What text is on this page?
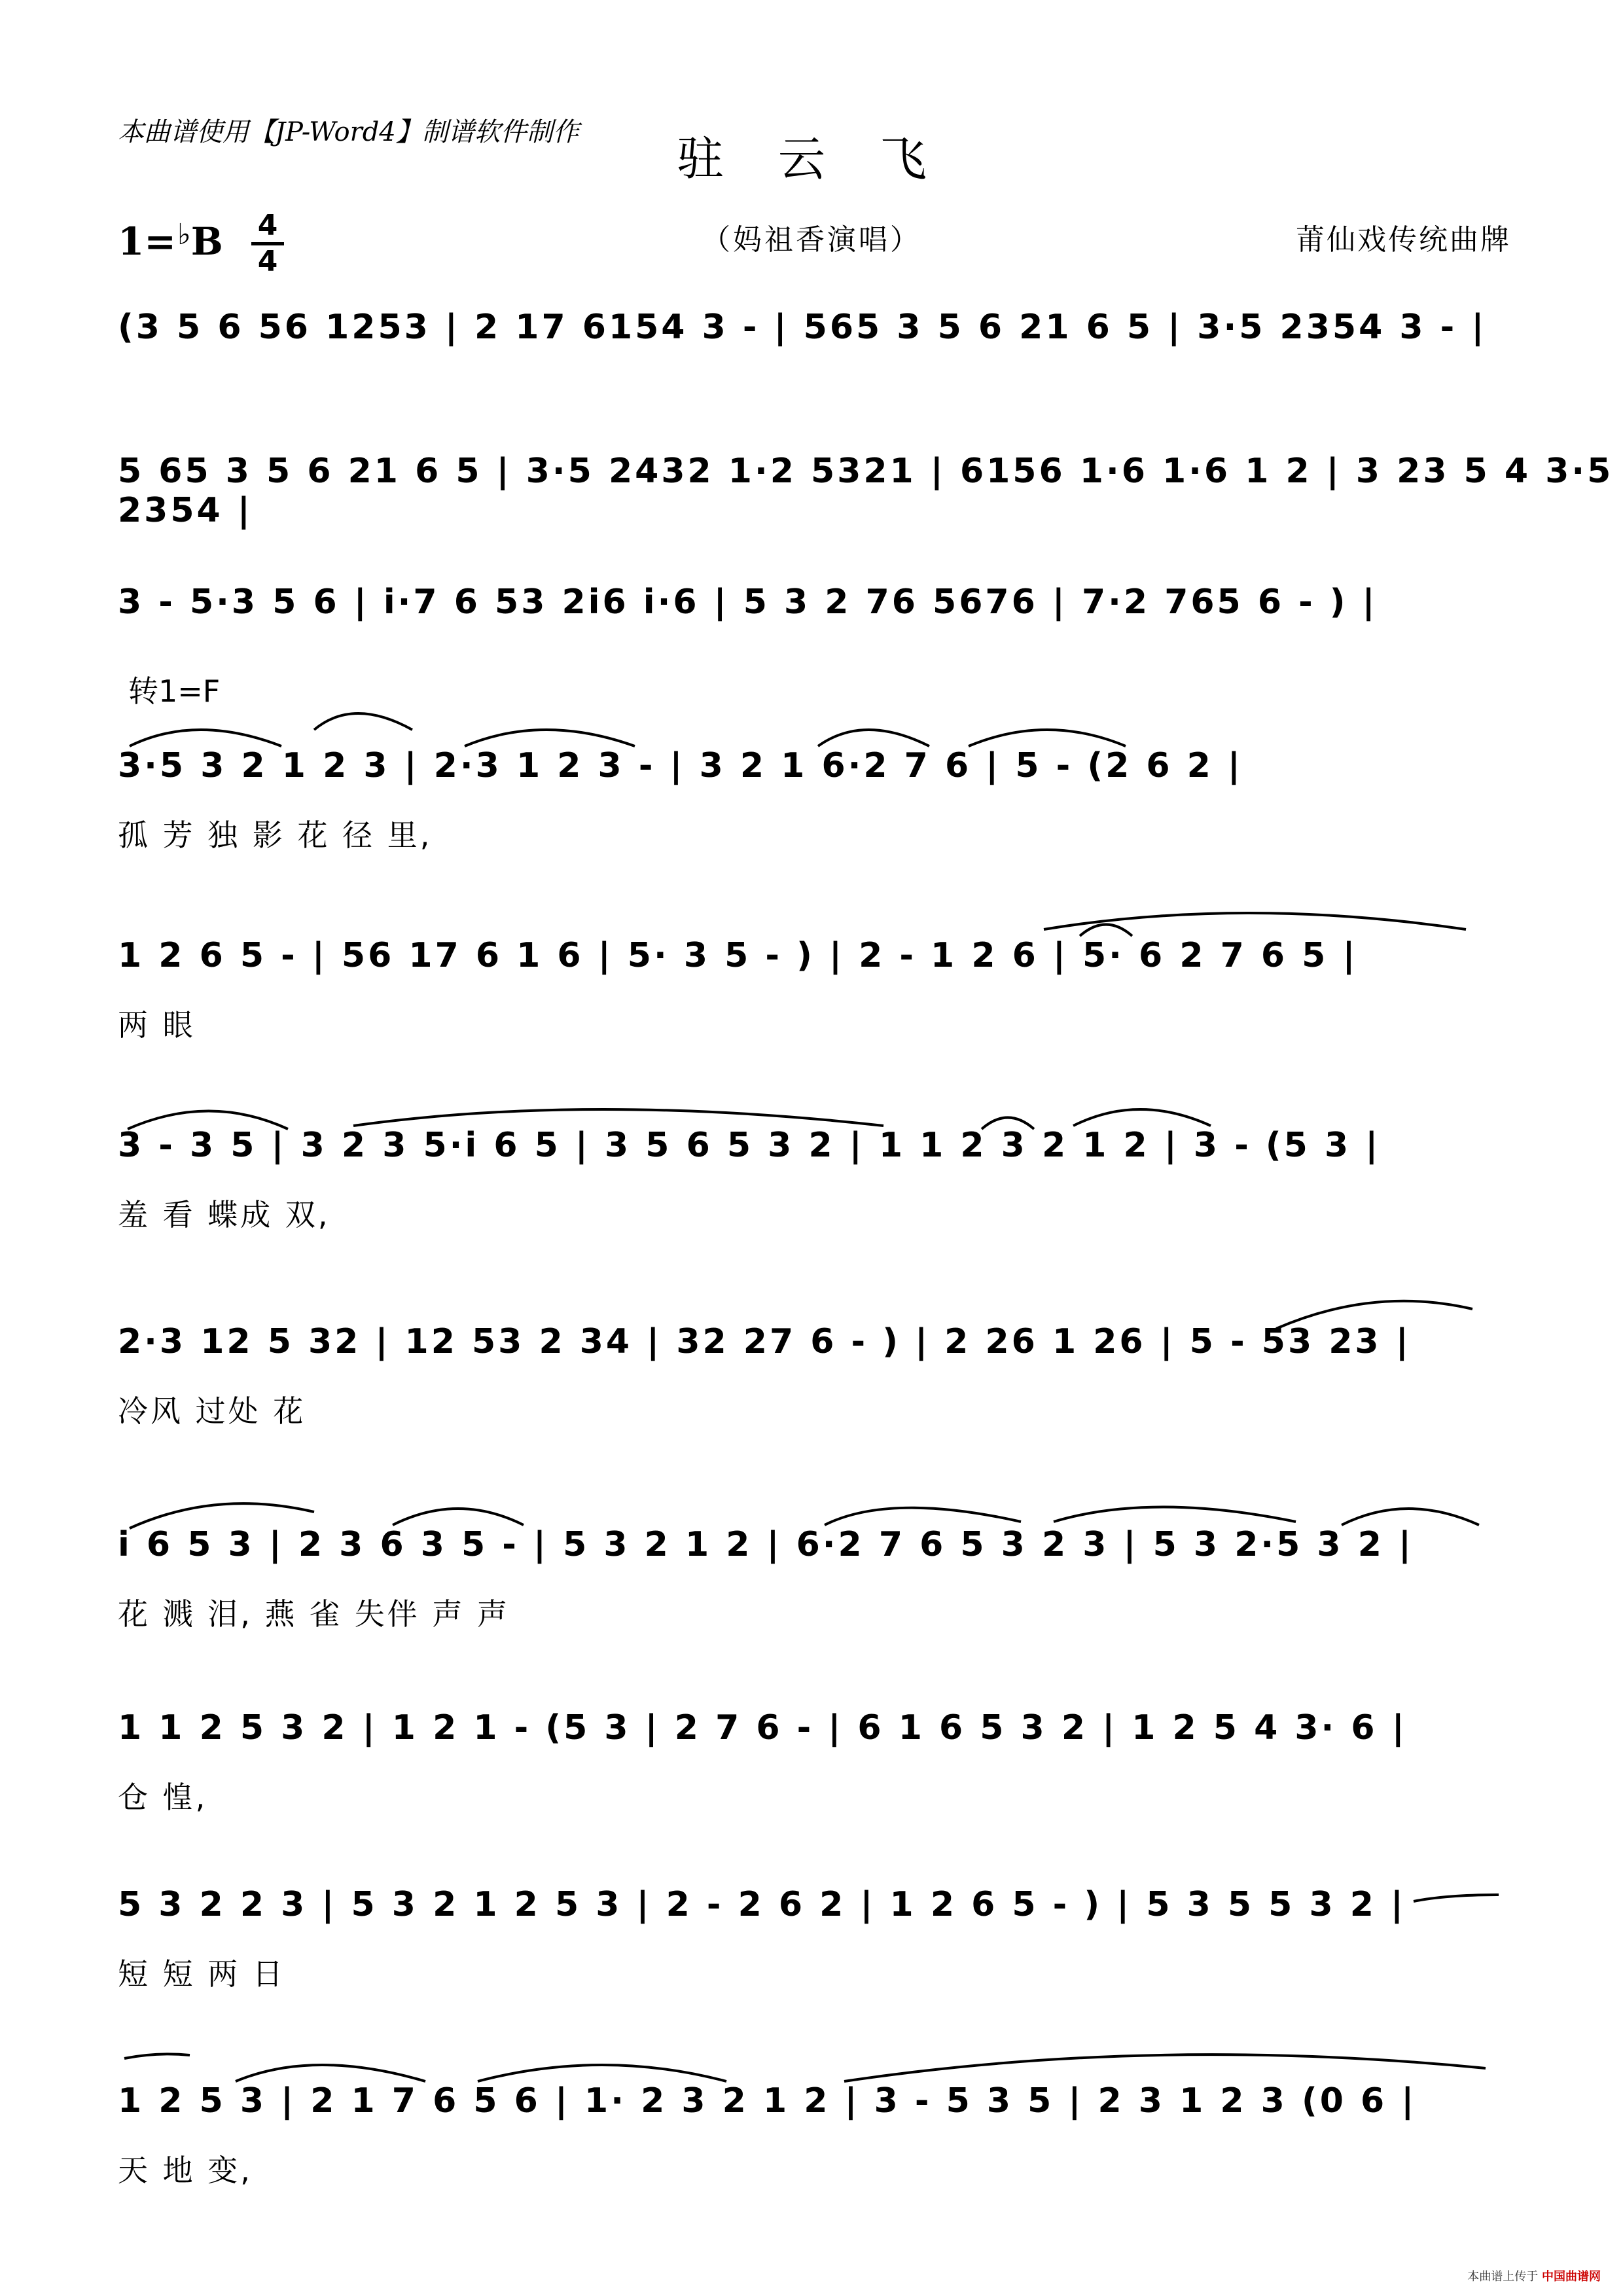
本曲谱使用【JP-Word4】制谱软件制作	驻 云 飞
（妈祖香演唱）	莆仙戏传统曲牌
1=♭B 4
4
转1=F
(3 5 6 56 1253 | 2 17 6154 3 - | 565 3 5 6 21 6 5 | 3·5 2354 3 - |
5 65 3 5 6 21 6 5 | 3·5 2432 1·2 5321 | 6156 1·6 1·6 1 2 | 3 23 5 4 3·5 2354 |
3 - 5·3 5 6 | i·7 6 53 2i6 i·6 | 5 3 2 76 5676 | 7·2 765 6 - ) |
3·5 3 2 1 2 3 | 2·3 1 2 3 - | 3 2 1 6·2 7 6 | 5 - (2 6 2 |
孤 芳 独 影 花 径 里,
1 2 6 5 - | 56 17 6 1 6 | 5· 3 5 - ) | 2 - 1 2 6 | 5· 6 2 7 6 5 |
两 眼
3 - 3 5 | 3 2 3 5·i 6 5 | 3 5 6 5 3 2 | 1 1 2 3 2 1 2 | 3 - (5 3 |
羞 看 蝶成 双,
2·3 12 5 32 | 12 53 2 34 | 32 27 6 - ) | 2 26 1 26 | 5 - 53 23 |
冷风 过处 花
i 6 5 3 | 2 3 6 3 5 - | 5 3 2 1 2 | 6·2 7 6 5 3 2 3 | 5 3 2·5 3 2 |
花 溅 泪, 燕 雀 失伴 声 声
1 1 2 5 3 2 | 1 2 1 - (5 3 | 2 7 6 - | 6 1 6 5 3 2 | 1 2 5 4 3· 6 |
仓 惶,
5 3 2 2 3 | 5 3 2 1 2 5 3 | 2 - 2 6 2 | 1 2 6 5 - ) | 5 3 5 5 3 2 |
短 短 两 日
1 2 5 3 | 2 1 7 6 5 6 | 1· 2 3 2 1 2 | 3 - 5 3 5 | 2 3 1 2 3 (0 6 |
天 地 变,
本曲谱上传于 中国曲谱网
